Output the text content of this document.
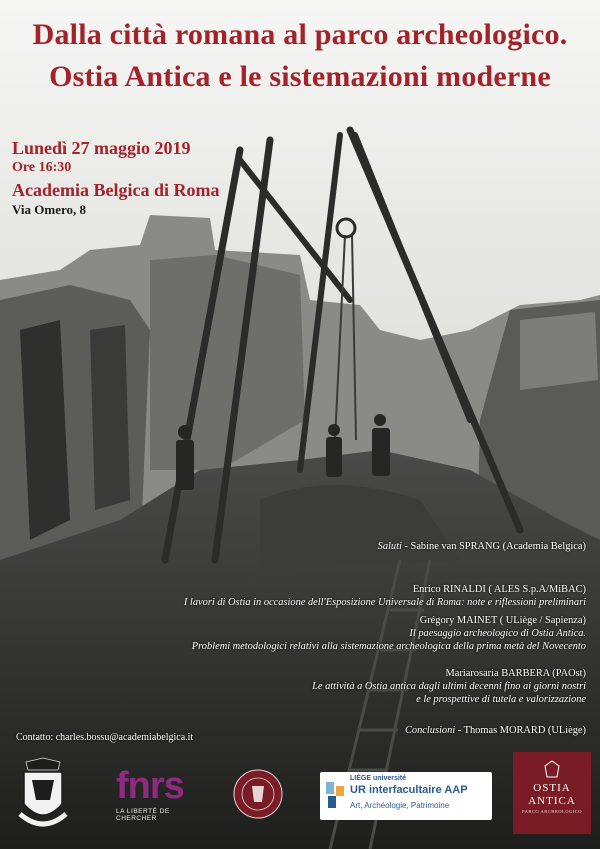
Dalla città romana al parco archeologico.
Ostia Antica e le sistemazioni moderne
Lunedì 27 maggio 2019
Ore 16:30
Academia Belgica di Roma
Via Omero, 8
Saluti - Sabine van SPRANG (Academia Belgica)
Enrico RINALDI ( ALES S.p.A/MiBAC)
I lavori di Ostia in occasione dell'Esposizione Universale di Roma: note e riflessioni preliminari
Grégory MAINET ( ULiège / Sapienza)
Il paesaggio archeologico di Ostia Antica.
Problemi metodologici relativi alla sistemazione archeologica della prima metà del Novecento
Mariarosaria BARBERA (PAOst)
Le attività a Ostia antica dagli ultimi decenni fino ai giorni nostri
e le prospettive di tutela e valorizzazione
Conclusioni - Thomas MORARD (ULiège)
Contatto: charles.bossu@academiabelgica.it
fnrs
LA LIBERTÉ DE CHERCHER
LIÈGE université
UR interfacultaire AAP
Art, Archéologie, Patrimoine
OSTIA
ANTICA
PARCO ARCHEOLOGICO
